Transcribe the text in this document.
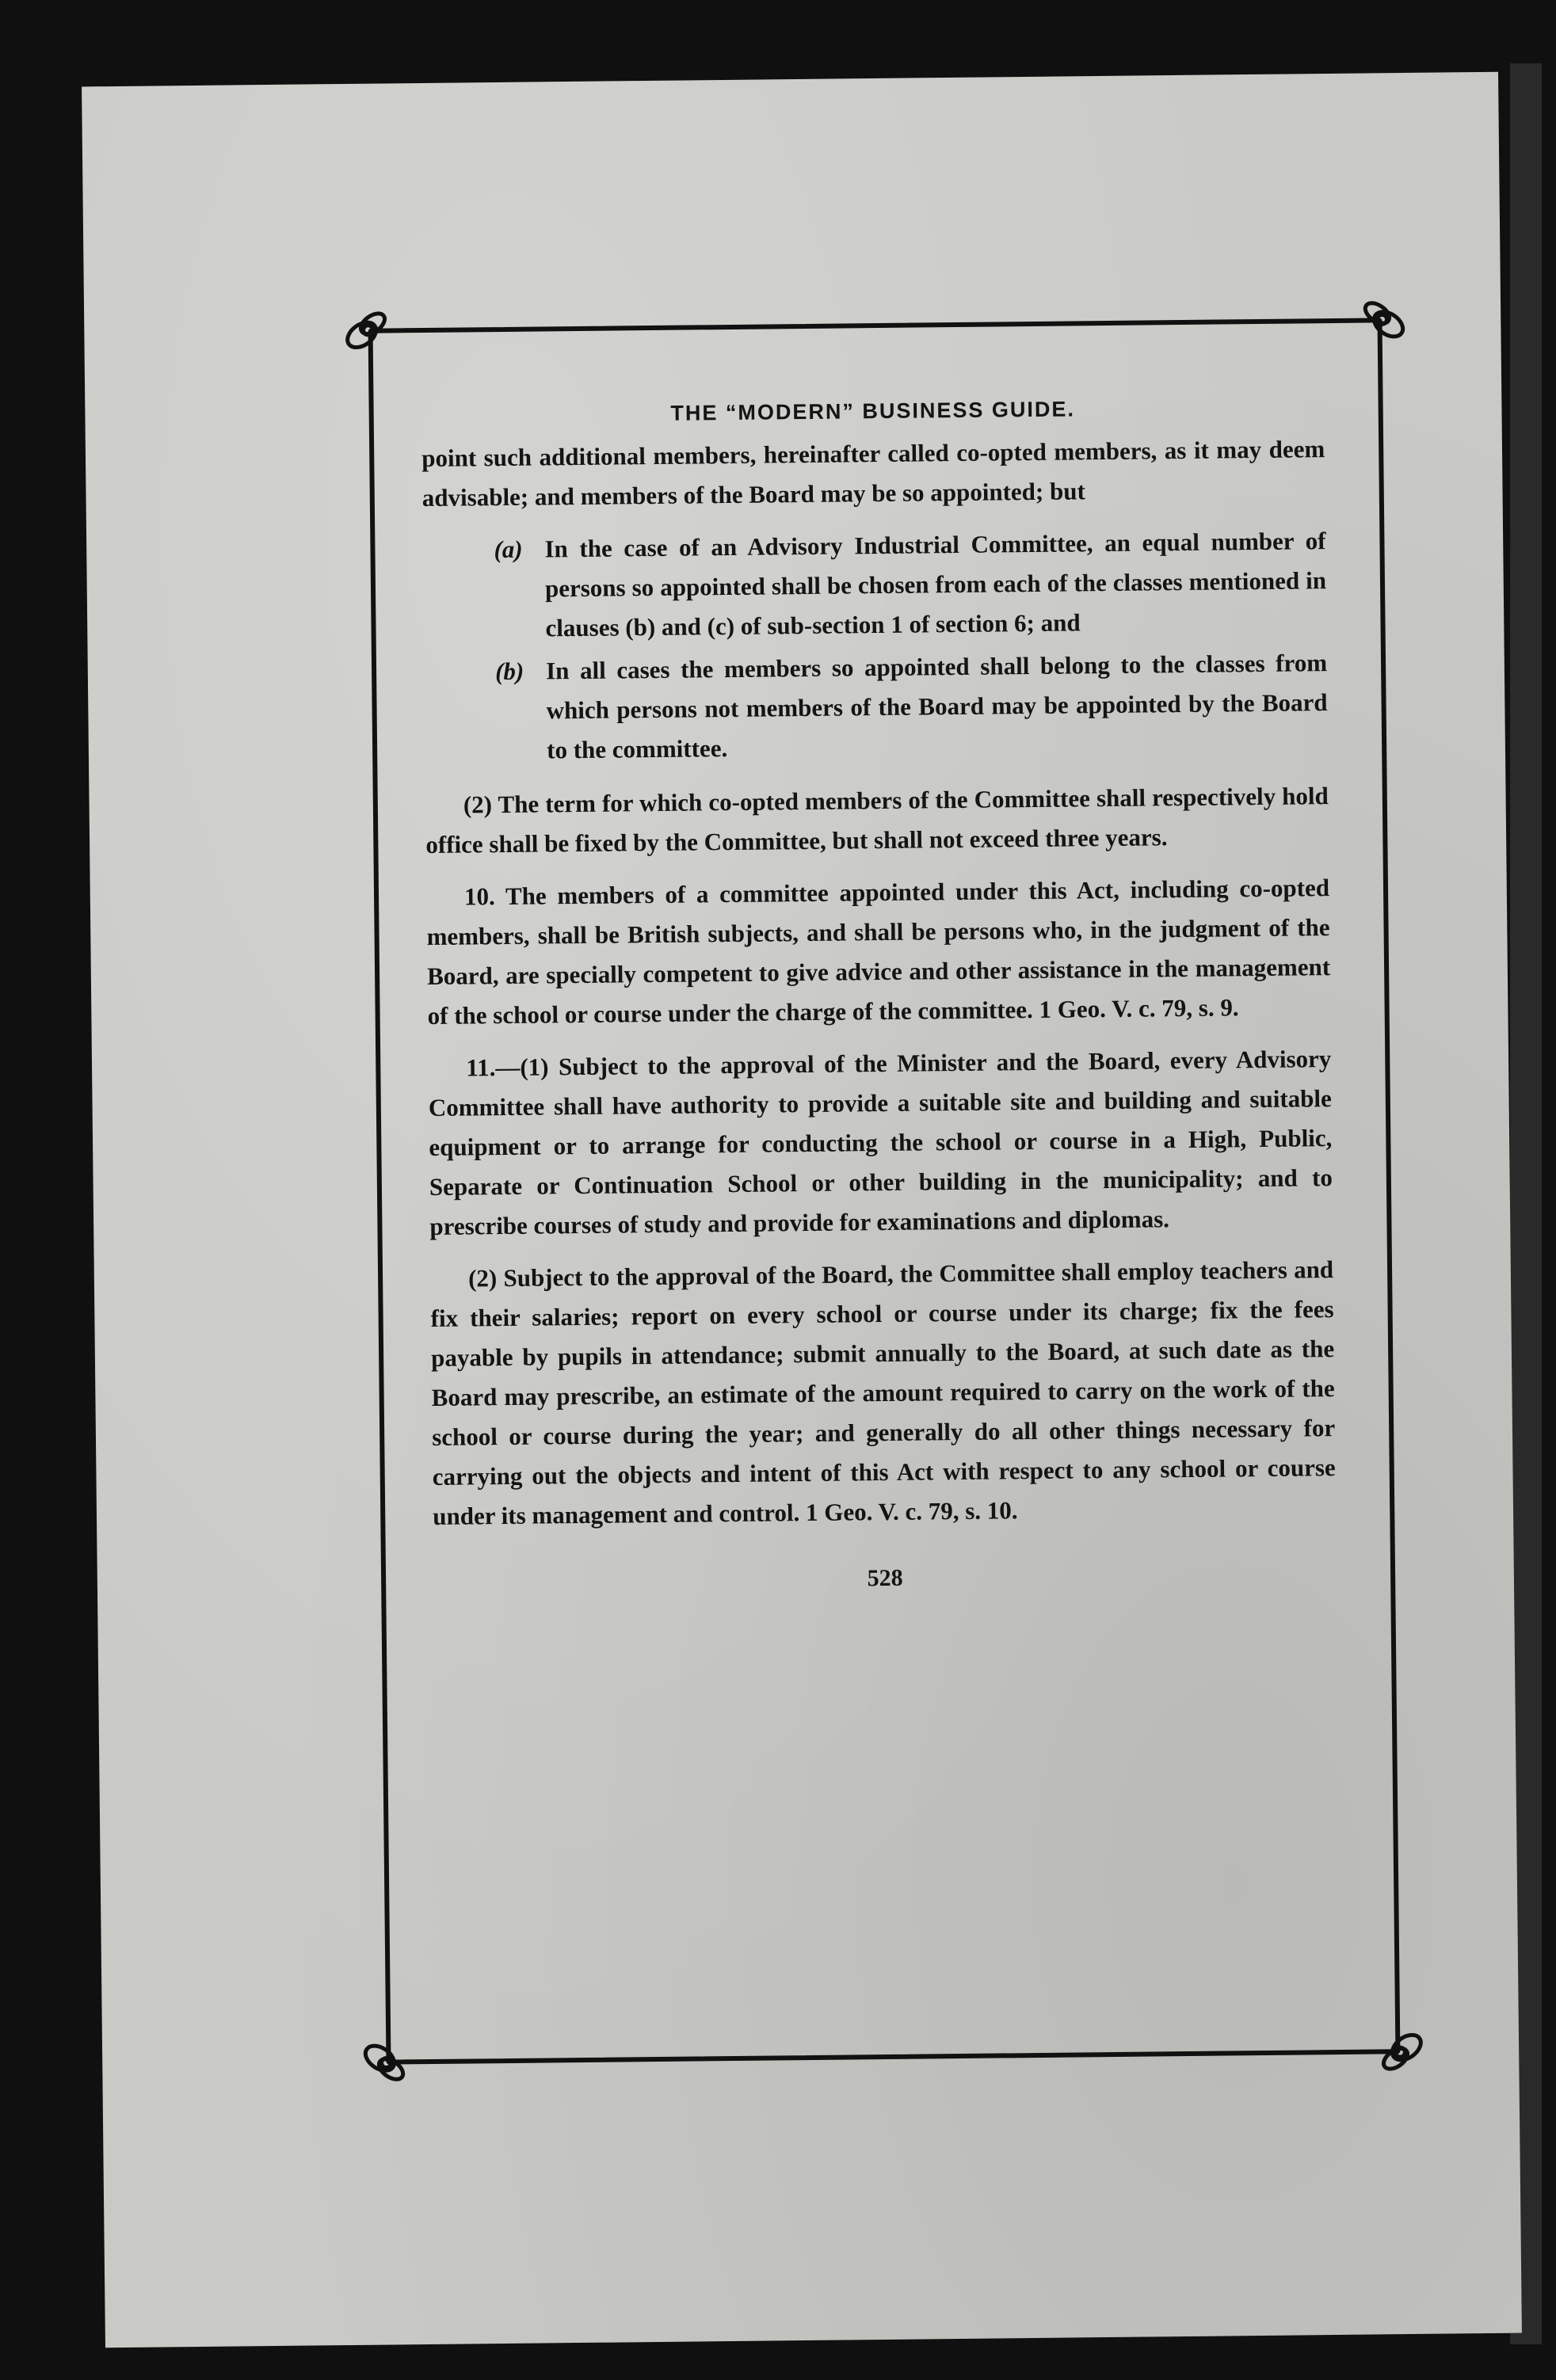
THE “MODERN” BUSINESS GUIDE.

point such additional members, hereinafter called co-opted members, as it may deem advisable; and members of the Board may be so appointed; but

(a) In the case of an Advisory Industrial Committee, an equal number of persons so appointed shall be chosen from each of the classes mentioned in clauses (b) and (c) of sub-section 1 of section 6; and
(b) In all cases the members so appointed shall belong to the classes from which persons not members of the Board may be appointed by the Board to the committee.

(2) The term for which co-opted members of the Committee shall respectively hold office shall be fixed by the Committee, but shall not exceed three years.

10. The members of a committee appointed under this Act, including co-opted members, shall be British subjects, and shall be persons who, in the judgment of the Board, are specially competent to give advice and other assistance in the management of the school or course under the charge of the committee. 1 Geo. V. c. 79, s. 9.

11.—(1) Subject to the approval of the Minister and the Board, every Advisory Committee shall have authority to provide a suitable site and building and suitable equipment or to arrange for conducting the school or course in a High, Public, Separate or Continuation School or other building in the municipality; and to prescribe courses of study and provide for examinations and diplomas.

(2) Subject to the approval of the Board, the Committee shall employ teachers and fix their salaries; report on every school or course under its charge; fix the fees payable by pupils in attendance; submit annually to the Board, at such date as the Board may prescribe, an estimate of the amount required to carry on the work of the school or course during the year; and generally do all other things necessary for carrying out the objects and intent of this Act with respect to any school or course under its management and control. 1 Geo. V. c. 79, s. 10.

528
